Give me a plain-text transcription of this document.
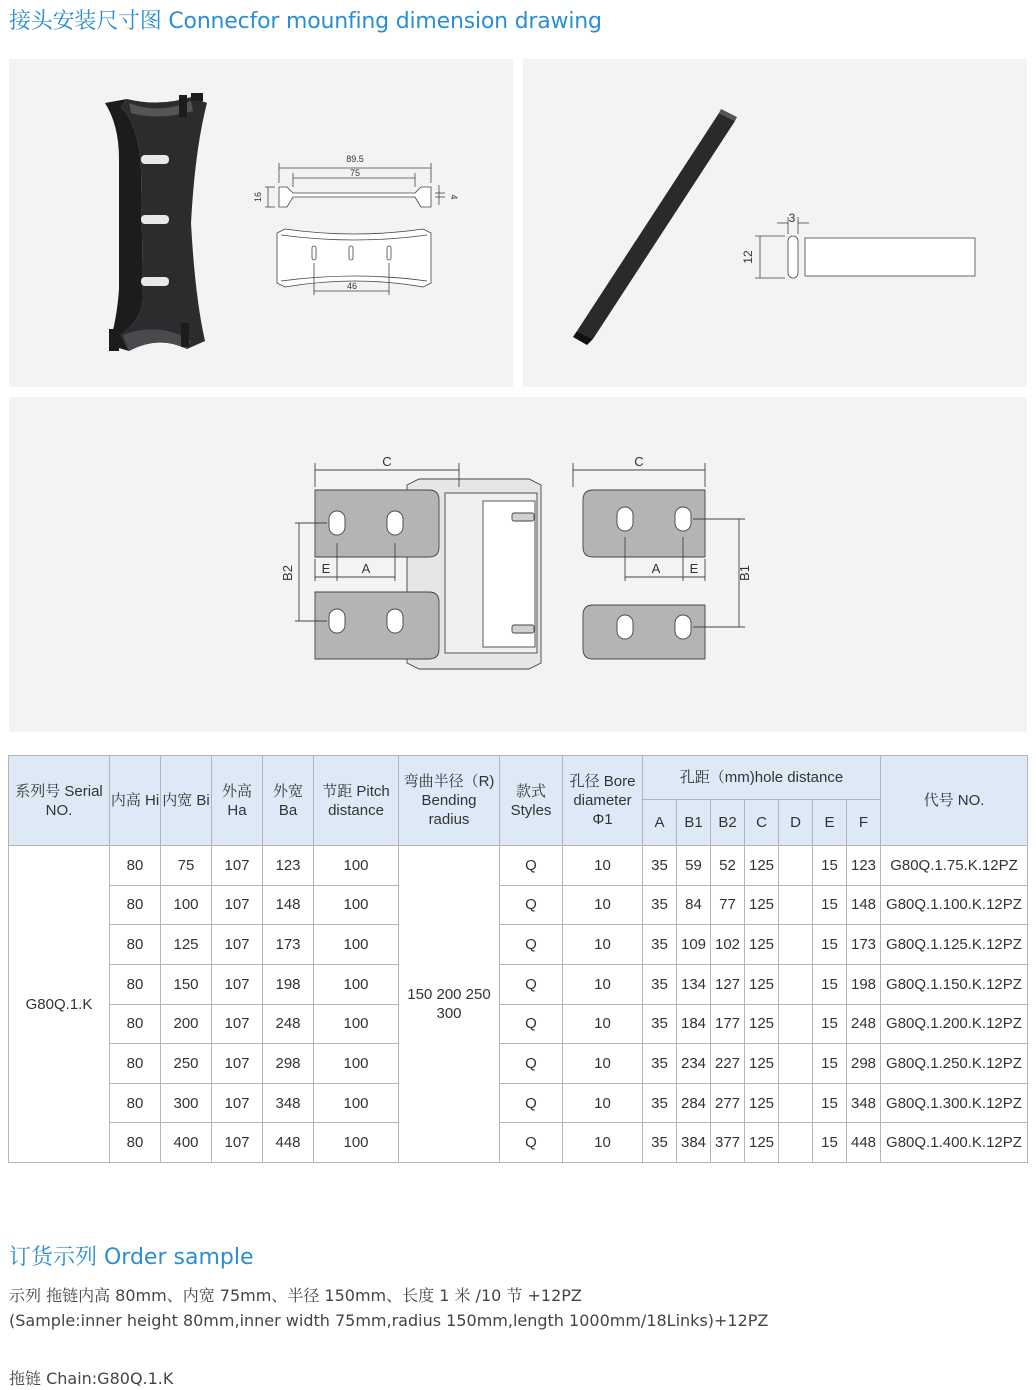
接头安装尺寸图 Connecfor mounfing dimension drawing
89.5
75
16	4
46
3
12
C	C
E A	A E
B2	B1
系列号 Serial NO.	内高 Hi	内宽 Bi	外高 Ha	外宽 Ba	节距 Pitch distance	弯曲半径（R) Bending radius	款式 Styles	孔径 Bore diameter Φ1	孔距（mm)hole distance							代号 NO.
									A	B1	B2	C	D	E	F	
G80Q.1.K	80	75	107	123	100	150 200 250 300	Q	10	35	59	52	125		15	123	G80Q.1.75.K.12PZ
	80	100	107	148	100		Q	10	35	84	77	125		15	148	G80Q.1.100.K.12PZ
	80	125	107	173	100		Q	10	35	109	102	125		15	173	G80Q.1.125.K.12PZ
	80	150	107	198	100		Q	10	35	134	127	125		15	198	G80Q.1.150.K.12PZ
	80	200	107	248	100		Q	10	35	184	177	125		15	248	G80Q.1.200.K.12PZ
	80	250	107	298	100		Q	10	35	234	227	125		15	298	G80Q.1.250.K.12PZ
	80	300	107	348	100		Q	10	35	284	277	125		15	348	G80Q.1.300.K.12PZ
	80	400	107	448	100		Q	10	35	384	377	125		15	448	G80Q.1.400.K.12PZ
订货示列 Order sample
示列 拖链内高 80mm、内宽 75mm、半径 150mm、长度 1 米 /10 节 +12PZ
(Sample:inner height 80mm,inner width 75mm,radius 150mm,length 1000mm/18Links)+12PZ
拖链 Chain:G80Q.1.K
